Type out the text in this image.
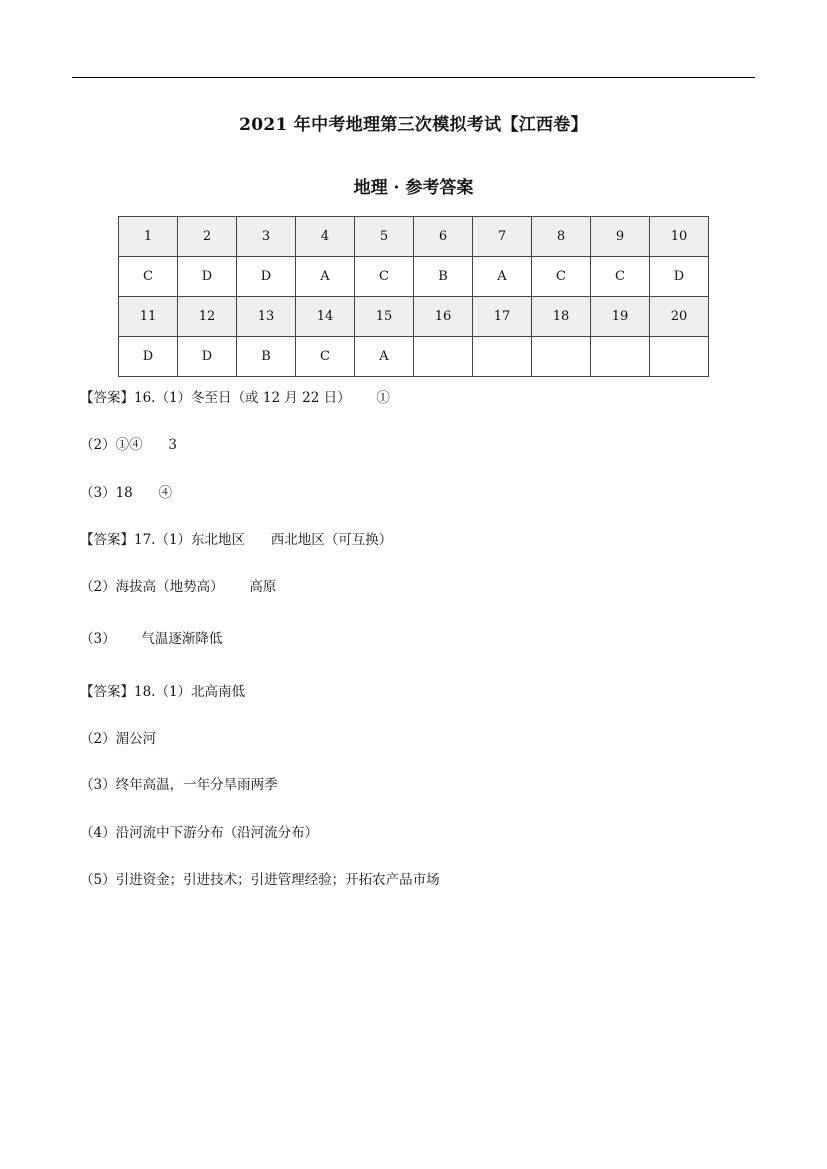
2021 年中考地理第三次模拟考试【江西卷】
地理 · 参考答案
1	2	3	4	5	6	7	8	9	10
C	D	D	A	C	B	A	C	C	D
11	12	13	14	15	16	17	18	19	20
D	D	B	C	A					
【答案】16.（1）冬至日（或 12 月 22 日）      ①
（2）①④      3
（3）18      ④
【答案】17.（1）东北地区      西北地区（可互换）
（2）海拔高（地势高）      高原
（3）      气温逐渐降低
【答案】18.（1）北高南低
（2）湄公河
（3）终年高温，一年分旱雨两季
（4）沿河流中下游分布（沿河流分布）
（5）引进资金；引进技术；引进管理经验；开拓农产品市场
